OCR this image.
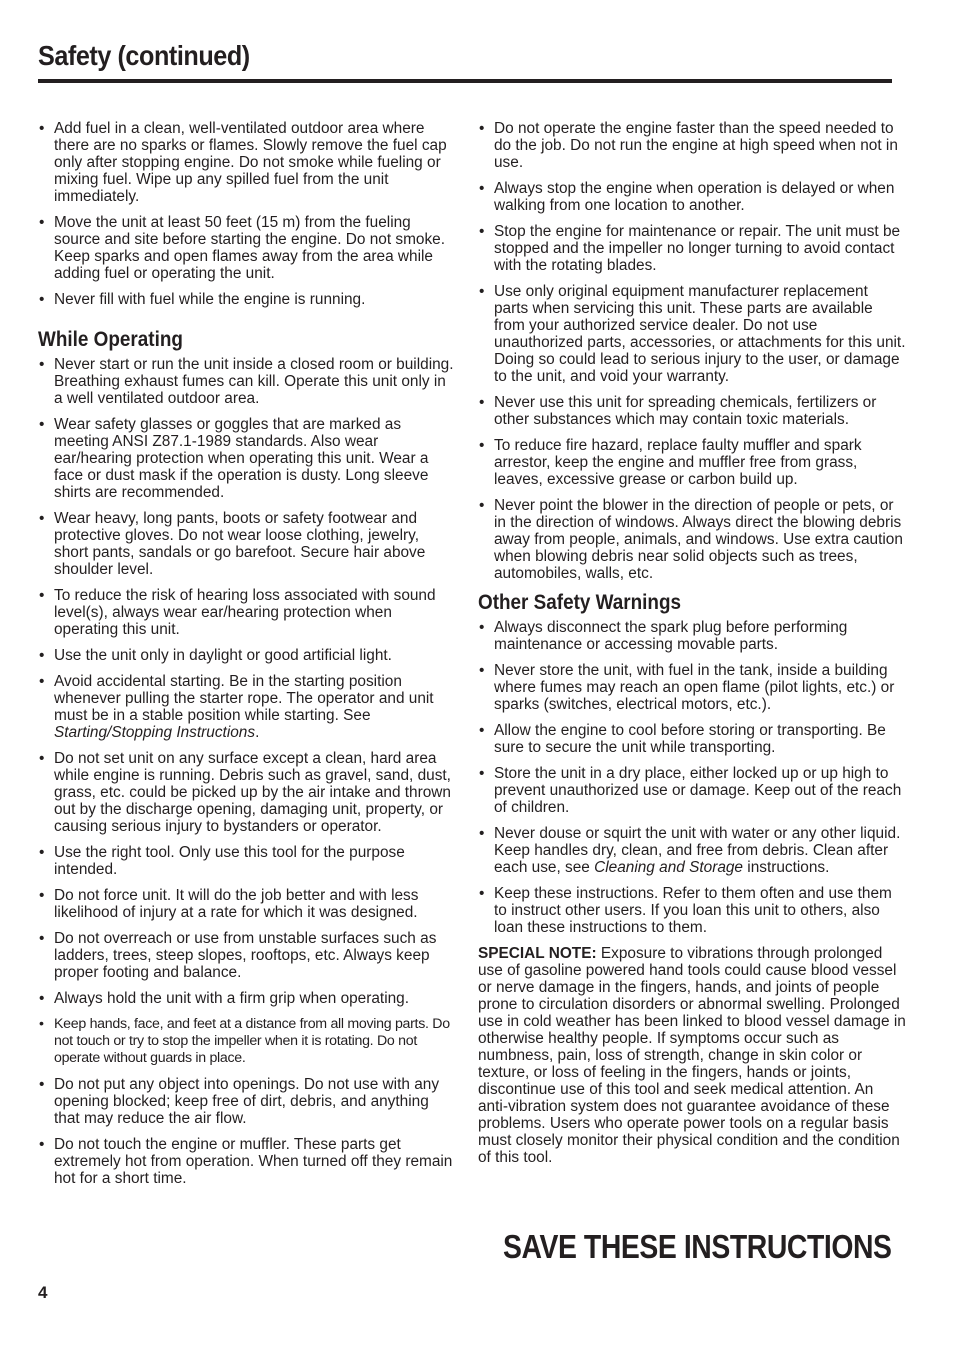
Safety (continued)
• Add fuel in a clean, well-ventilated outdoor area where there are no sparks or flames. Slowly remove the fuel cap only after stopping engine. Do not smoke while fueling or mixing fuel. Wipe up any spilled fuel from the unit immediately.
• Move the unit at least 50 feet (15 m) from the fueling source and site before starting the engine. Do not smoke. Keep sparks and open flames away from the area while adding fuel or operating the unit.
• Never fill with fuel while the engine is running.
While Operating
• Never start or run the unit inside a closed room or building. Breathing exhaust fumes can kill. Operate this unit only in a well ventilated outdoor area.
• Wear safety glasses or goggles that are marked as meeting ANSI Z87.1-1989 standards. Also wear ear/hearing protection when operating this unit. Wear a face or dust mask if the operation is dusty. Long sleeve shirts are recommended.
• Wear heavy, long pants, boots or safety footwear and protective gloves. Do not wear loose clothing, jewelry, short pants, sandals or go barefoot. Secure hair above shoulder level.
• To reduce the risk of hearing loss associated with sound level(s), always wear ear/hearing protection when operating this unit.
• Use the unit only in daylight or good artificial light.
• Avoid accidental starting. Be in the starting position whenever pulling the starter rope. The operator and unit must be in a stable position while starting. See Starting/Stopping Instructions.
• Do not set unit on any surface except a clean, hard area while engine is running. Debris such as gravel, sand, dust, grass, etc. could be picked up by the air intake and thrown out by the discharge opening, damaging unit, property, or causing serious injury to bystanders or operator.
• Use the right tool. Only use this tool for the purpose intended.
• Do not force unit. It will do the job better and with less likelihood of injury at a rate for which it was designed.
• Do not overreach or use from unstable surfaces such as ladders, trees, steep slopes, rooftops, etc. Always keep proper footing and balance.
• Always hold the unit with a firm grip when operating.
• Keep hands, face, and feet at a distance from all moving parts. Do not touch or try to stop the impeller when it is rotating. Do not operate without guards in place.
• Do not put any object into openings. Do not use with any opening blocked; keep free of dirt, debris, and anything that may reduce the air flow.
• Do not touch the engine or muffler. These parts get extremely hot from operation. When turned off they remain hot for a short time.
• Do not operate the engine faster than the speed needed to do the job. Do not run the engine at high speed when not in use.
• Always stop the engine when operation is delayed or when walking from one location to another.
• Stop the engine for maintenance or repair. The unit must be stopped and the impeller no longer turning to avoid contact with the rotating blades.
• Use only original equipment manufacturer replacement parts when servicing this unit. These parts are available from your authorized service dealer. Do not use unauthorized parts, accessories, or attachments for this unit. Doing so could lead to serious injury to the user, or damage to the unit, and void your warranty.
• Never use this unit for spreading chemicals, fertilizers or other substances which may contain toxic materials.
• To reduce fire hazard, replace faulty muffler and spark arrestor, keep the engine and muffler free from grass, leaves, excessive grease or carbon build up.
• Never point the blower in the direction of people or pets, or in the direction of windows. Always direct the blowing debris away from people, animals, and windows. Use extra caution when blowing debris near solid objects such as trees, automobiles, walls, etc.
Other Safety Warnings
• Always disconnect the spark plug before performing maintenance or accessing movable parts.
• Never store the unit, with fuel in the tank, inside a building where fumes may reach an open flame (pilot lights, etc.) or sparks (switches, electrical motors, etc.).
• Allow the engine to cool before storing or transporting. Be sure to secure the unit while transporting.
• Store the unit in a dry place, either locked up or up high to prevent unauthorized use or damage. Keep out of the reach of children.
• Never douse or squirt the unit with water or any other liquid. Keep handles dry, clean, and free from debris. Clean after each use, see Cleaning and Storage instructions.
• Keep these instructions. Refer to them often and use them to instruct other users. If you loan this unit to others, also loan these instructions to them.

SPECIAL NOTE: Exposure to vibrations through prolonged use of gasoline powered hand tools could cause blood vessel or nerve damage in the fingers, hands, and joints of people prone to circulation disorders or abnormal swelling. Prolonged use in cold weather has been linked to blood vessel damage in otherwise healthy people. If symptoms occur such as numbness, pain, loss of strength, change in skin color or texture, or loss of feeling in the fingers, hands or joints, discontinue use of this tool and seek medical attention. An anti-vibration system does not guarantee avoidance of these problems. Users who operate power tools on a regular basis must closely monitor their physical condition and the condition of this tool.

SAVE THESE INSTRUCTIONS
4
